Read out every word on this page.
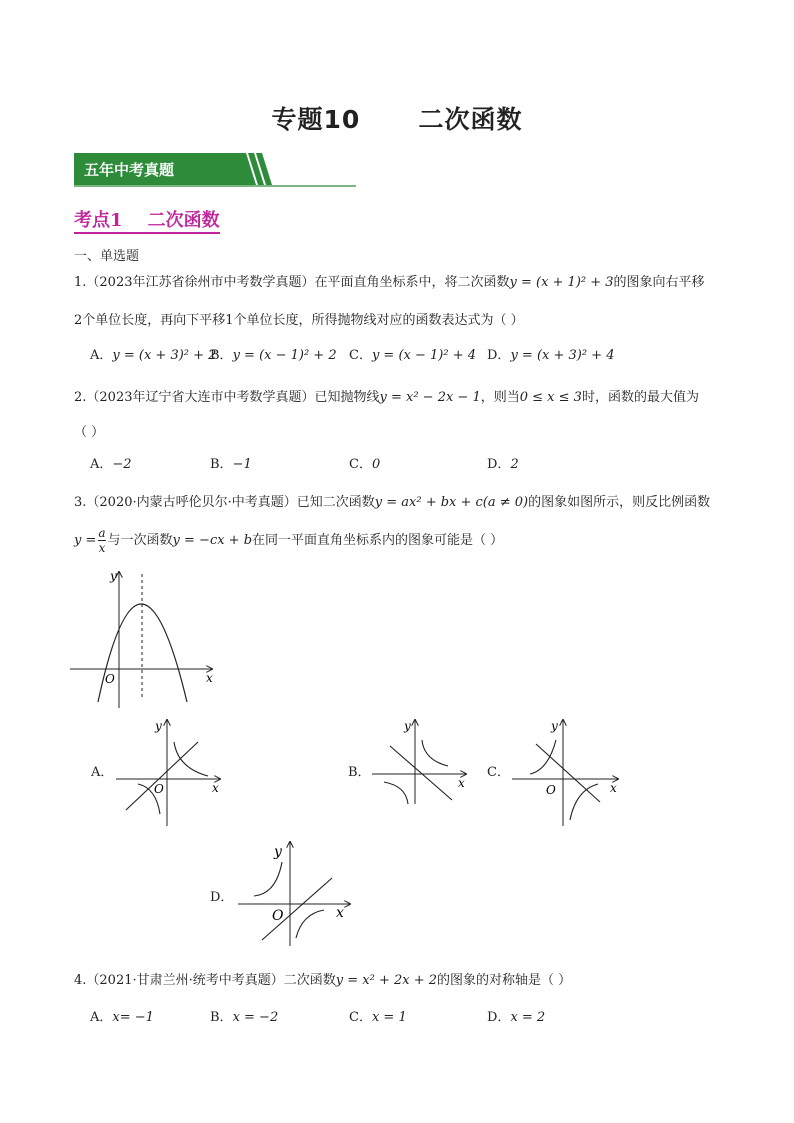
专题10      二次函数
五年中考真题
考点1    二次函数
一、单选题
1.（2023年江苏省徐州市中考数学真题）在平面直角坐标系中，将二次函数y = (x + 1)² + 3的图象向右平移
2个单位长度，再向下平移1个单位长度，所得抛物线对应的函数表达式为（ ）
A．y = (x + 3)² + 2
B．y = (x − 1)² + 2 C．y = (x − 1)² + 4 D．y = (x + 3)² + 4
2.（2023年辽宁省大连市中考数学真题）已知抛物线y = x² − 2x − 1，则当0 ≤ x ≤ 3时，函数的最大值为
（ ）
A．−2	B．−1	C．0	D．2
3.（2020·内蒙古呼伦贝尔·中考真题）已知二次函数y = ax² + bx + c(a ≠ 0)的图象如图所示，则反比例函数
$y = \frac{a}{x}$ 与一次函数y = −cx + b在同一平面直角坐标系内的图象可能是（ ）
x
y
O
A．
x
y
O
B．
x
y
C．
x
y
O
D．
x
y
O
4.（2021·甘肃兰州·统考中考真题）二次函数y = x² + 2x + 2的图象的对称轴是（ ）
A．x= −1	B．x = −2	C．x = 1	D．x = 2
